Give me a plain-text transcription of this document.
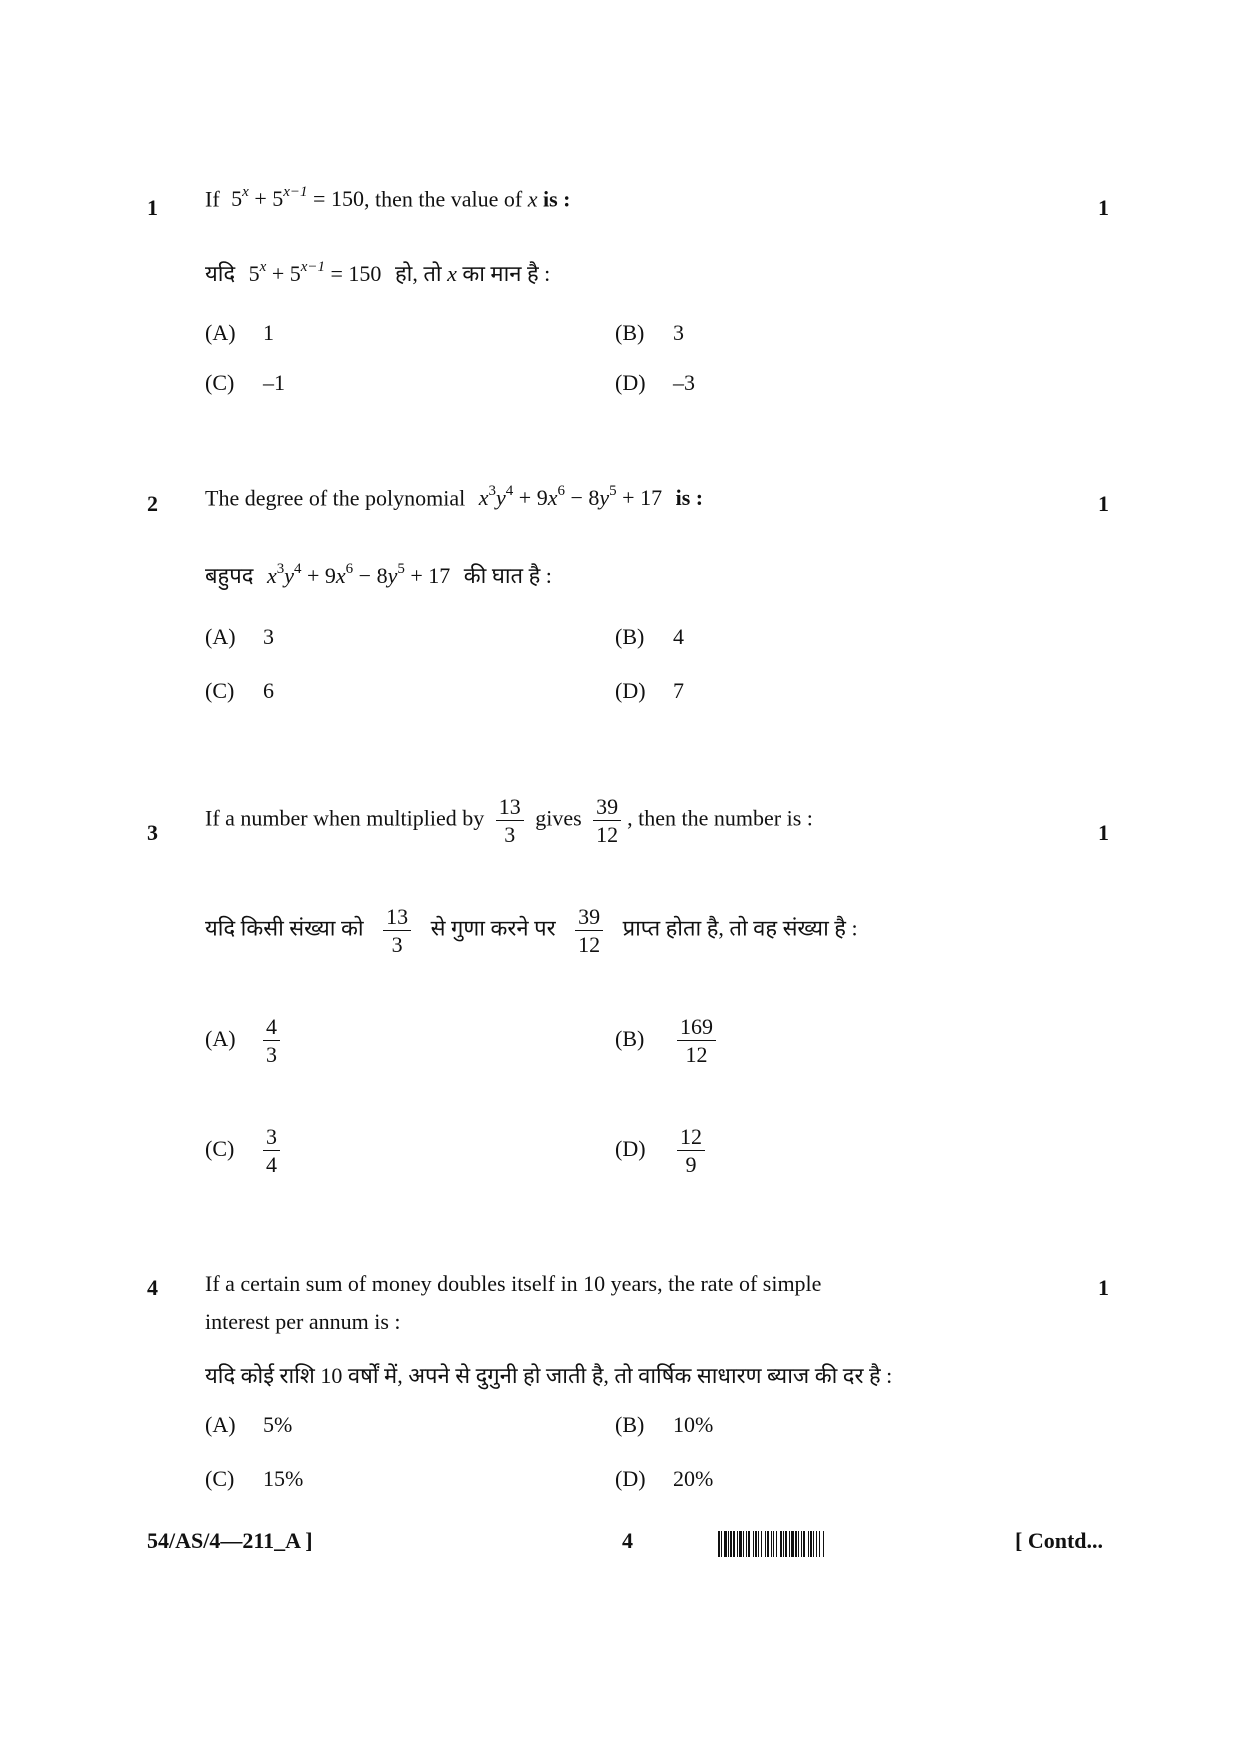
1	1
If $5^x + 5^{x-1} = 150$, then the value of x is :
यदि $5^x + 5^{x-1} = 150$ हो, तो x का मान है :
(A) 1	(B) 3
(C) –1	(D) –3
2	1
The degree of the polynomial $x^3y^4 + 9x^6 - 8y^5 + 17$ is :
बहुपद $x^3y^4 + 9x^6 - 8y^5 + 17$ की घात है :
(A) 3	(B) 4
(C) 6	(D) 7
3	1
If a number when multiplied by $\frac{13}{3}$ gives $\frac{39}{12}$ , then the number is :
यदि किसी संख्या को $\frac{13}{3}$ से गुणा करने पर $\frac{39}{12}$ प्राप्त होता है, तो वह संख्या है :
$(A) \frac{4}{3}$	$(B) \frac{169}{12}$
$(C) \frac{3}{4}$	$(D) \frac{12}{9}$
4	1
If a certain sum of money doubles itself in 10 years, the rate of simple
interest per annum is :
यदि कोई राशि 10 वर्षों में, अपने से दुगुनी हो जाती है, तो वार्षिक साधारण ब्याज की दर है :
(A) 5%	(B) 10%
(C) 15%	(D) 20%
54/AS/4—211_A ]	4	[ Contd...
